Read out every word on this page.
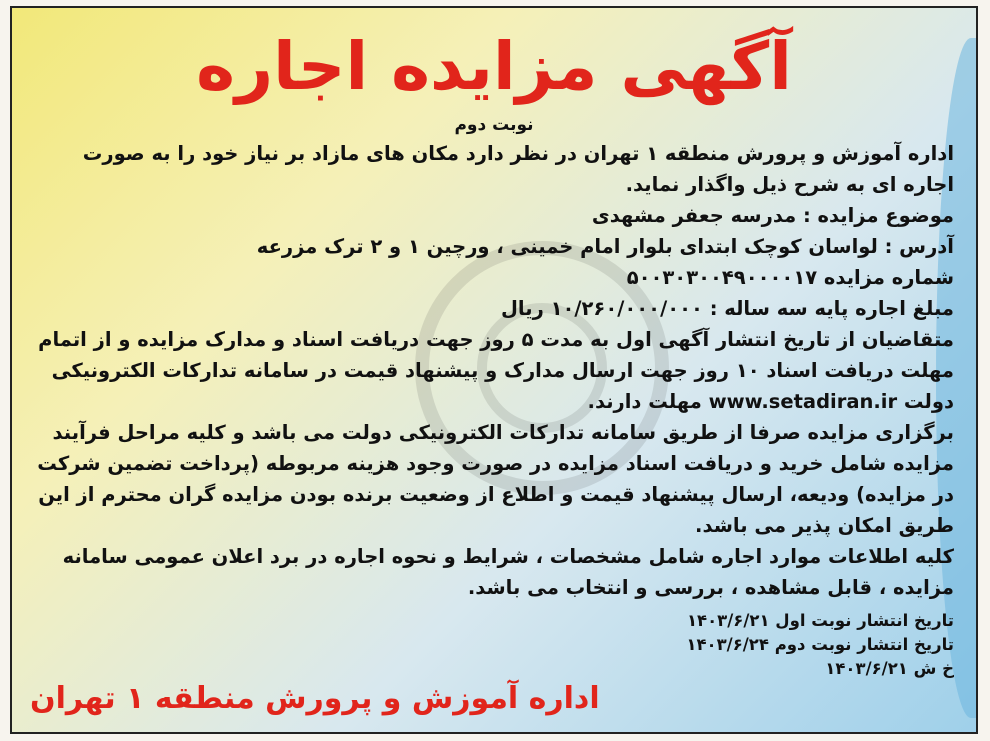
آگهی مزایده اجاره
نوبت دوم

اداره آموزش و پرورش منطقه ۱ تهران در نظر دارد مکان های مازاد بر نیاز خود را به صورت اجاره ای به شرح ذیل واگذار نماید.

موضوع مزایده : مدرسه جعفر مشهدی

آدرس : لواسان کوچک ابتدای بلوار امام خمینی ، ورچین ۱ و ۲ ترک مزرعه

شماره مزایده ۵۰۰۳۰۳۰۰۴۹۰۰۰۰۱۷

مبلغ اجاره پایه سه ساله : ۱۰/۲۶۰/۰۰۰/۰۰۰ ریال

متقاضیان از تاریخ انتشار آگهی اول به مدت ۵ روز جهت دریافت اسناد و مدارک مزایده و از اتمام مهلت دریافت اسناد ۱۰ روز جهت ارسال مدارک و پیشنهاد قیمت در سامانه تدارکات الکترونیکی دولت www.setadiran.ir مهلت دارند.

برگزاری مزایده صرفا از طریق سامانه تدارکات الکترونیکی دولت می باشد و کلیه مراحل فرآیند مزایده شامل خرید و دریافت اسناد مزایده در صورت وجود هزینه مربوطه (پرداخت تضمین شرکت در مزایده) ودیعه، ارسال پیشنهاد قیمت و اطلاع از وضعیت برنده بودن مزایده گران محترم از این طریق امکان پذیر می باشد.

کلیه اطلاعات موارد اجاره شامل مشخصات ، شرایط و نحوه اجاره در برد اعلان عمومی سامانه مزایده ، قابل مشاهده ، بررسی و انتخاب می باشد.

تاریخ انتشار نوبت اول ۱۴۰۳/۶/۲۱
تاریخ انتشار نوبت دوم ۱۴۰۳/۶/۲۴
خ ش ۱۴۰۳/۶/۲۱
اداره آموزش و پرورش منطقه ۱ تهران
